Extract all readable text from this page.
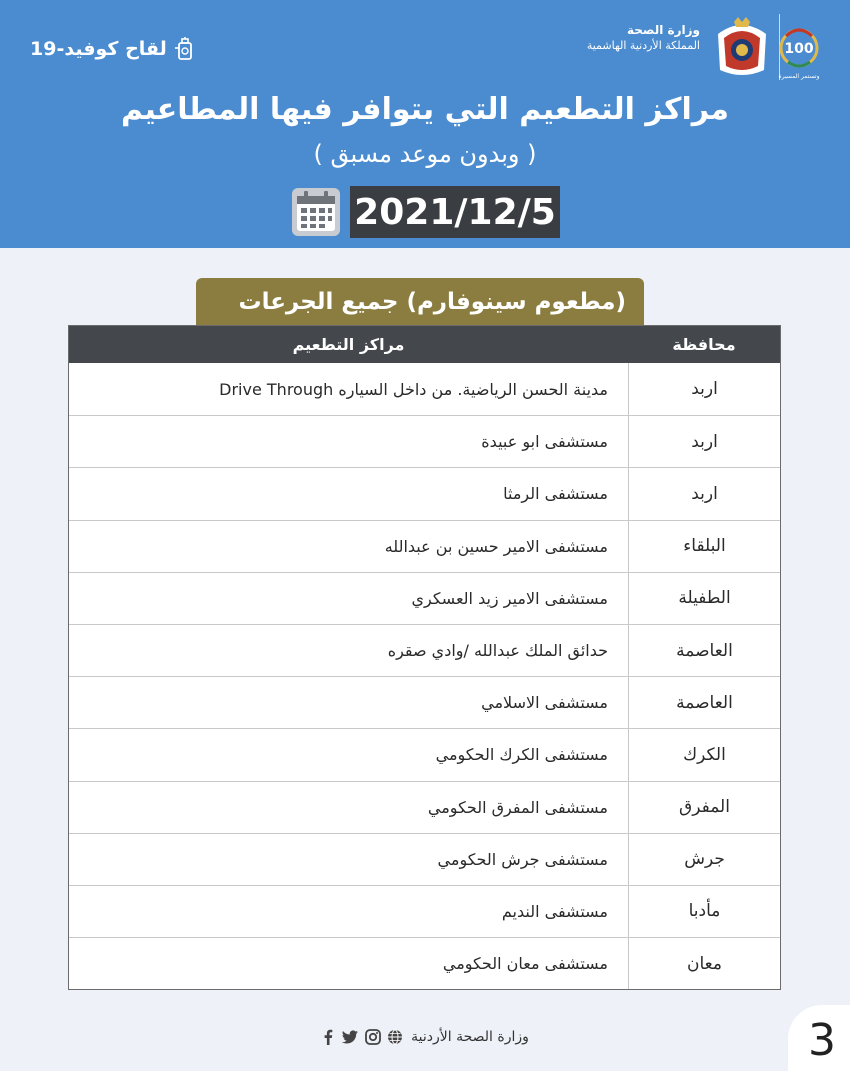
لقاح كوفيد-19
وزارة الصحة
المملكة الأردنية الهاشمية	100
وتستمر المسيرة
مراكز التطعيم التي يتوافر فيها المطاعيم
( وبدون موعد مسبق )
2021/12/5
(مطعوم سينوفارم) جميع الجرعات
محافظة
مراكز التطعيم
اربد
مدينة الحسن الرياضية. من داخل السياره Drive Through
اربد
مستشفى ابو عبيدة
اربد
مستشفى الرمثا
البلقاء
مستشفى الامير حسين بن عبدالله
الطفيلة
مستشفى الامير زيد العسكري
العاصمة
حدائق الملك عبدالله /وادي صقره
العاصمة
مستشفى الاسلامي
الكرك
مستشفى الكرك الحكومي
المفرق
مستشفى المفرق الحكومي
جرش
مستشفى جرش الحكومي
مأدبا
مستشفى النديم
معان
مستشفى معان الحكومي
وزارة الصحة الأردنية	3
